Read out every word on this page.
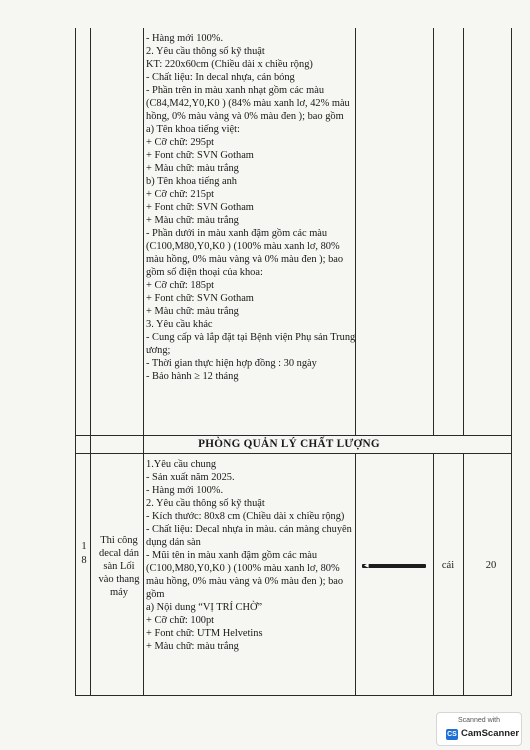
- Hàng mới 100%.
2. Yêu cầu thông số kỹ thuật
KT: 220x60cm (Chiều dài x chiều rộng)
- Chất liệu: In decal nhựa, cán bóng
- Phần trên in màu xanh nhạt gồm các màu
(C84,M42,Y0,K0 ) (84% màu xanh lơ, 42% màu
hồng, 0% màu vàng và 0% màu đen ); bao gồm
a) Tên khoa tiếng việt:
+ Cỡ chữ: 295pt
+ Font chữ: SVN Gotham
+ Màu chữ: màu trắng
b) Tên khoa tiếng anh
+ Cỡ chữ: 215pt
+ Font chữ: SVN Gotham
+ Màu chữ: màu trắng
- Phần dưới in màu xanh đậm gồm các màu
(C100,M80,Y0,K0 ) (100% màu xanh lơ, 80%
màu hồng, 0% màu vàng và 0% màu đen ); bao
gồm số điện thoại của khoa:
+ Cỡ chữ: 185pt
+ Font chữ: SVN Gotham
+ Màu chữ: màu trắng
3. Yêu cầu khác
- Cung cấp và lắp đặt tại Bệnh viện Phụ sản Trung
ương;
- Thời gian thực hiện hợp đồng : 30 ngày
- Bảo hành ≥ 12 tháng
PHÒNG QUẢN LÝ CHẤT LƯỢNG
1
8
Thi công
decal dán
sàn Lối
vào thang
máy
1.Yêu cầu chung
- Sản xuất năm 2025.
- Hàng mới 100%.
2. Yêu cầu thông số kỹ thuật
- Kích thước: 80x8 cm (Chiều dài x chiều rộng)
- Chất liệu: Decal nhựa in màu. cán màng chuyên
dụng dán sàn
- Mũi tên in màu xanh đậm gồm các màu
(C100,M80,Y0,K0 ) (100% màu xanh lơ, 80%
màu hồng, 0% màu vàng và 0% màu đen ); bao
gồm
a) Nội dung “VỊ TRÍ CHỜ”
+ Cỡ chữ: 100pt
+ Font chữ: UTM Helvetins
+ Màu chữ: màu trắng
◀	cái	20
Scanned with
CS CamScanner
